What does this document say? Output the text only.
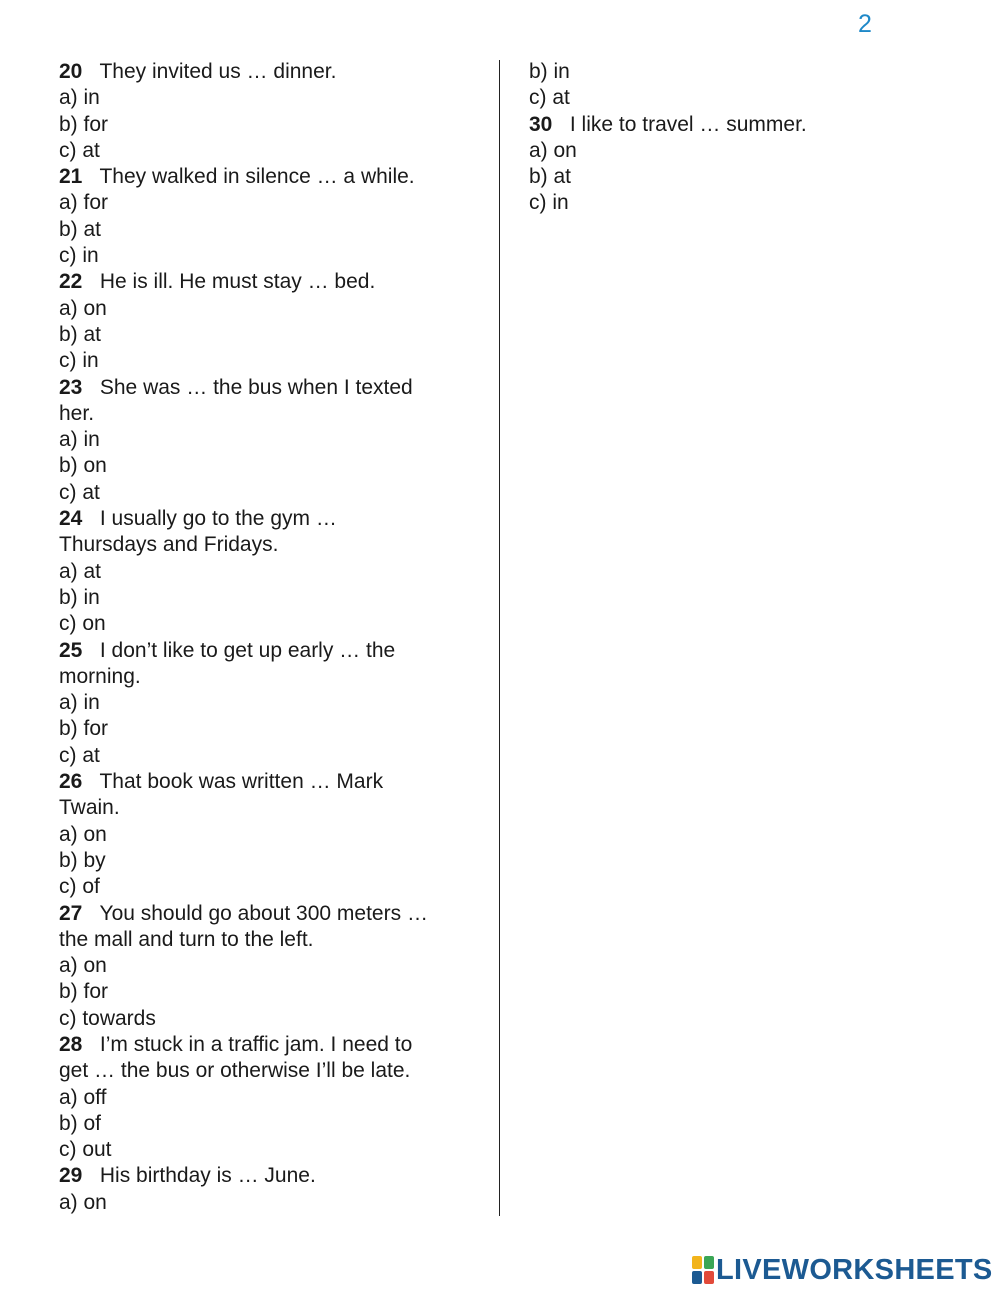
2
20 They invited us … dinner.
a) in
b) for
c) at
21 They walked in silence … a while.
a) for
b) at
c) in
22 He is ill. He must stay … bed.
a) on
b) at
c) in
23 She was … the bus when I texted
her.
a) in
b) on
c) at
24 I usually go to the gym …
Thursdays and Fridays.
a) at
b) in
c) on
25 I don’t like to get up early … the
morning.
a) in
b) for
c) at
26 That book was written … Mark
Twain.
a) on
b) by
c) of
27 You should go about 300 meters …
the mall and turn to the left.
a) on
b) for
c) towards
28 I’m stuck in a traffic jam. I need to
get … the bus or otherwise I’ll be late.
a) off
b) of
c) out
29 His birthday is … June.
a) on
b) in
c) at
30 I like to travel … summer.
a) on
b) at
c) in
LIVEWORKSHEETS
